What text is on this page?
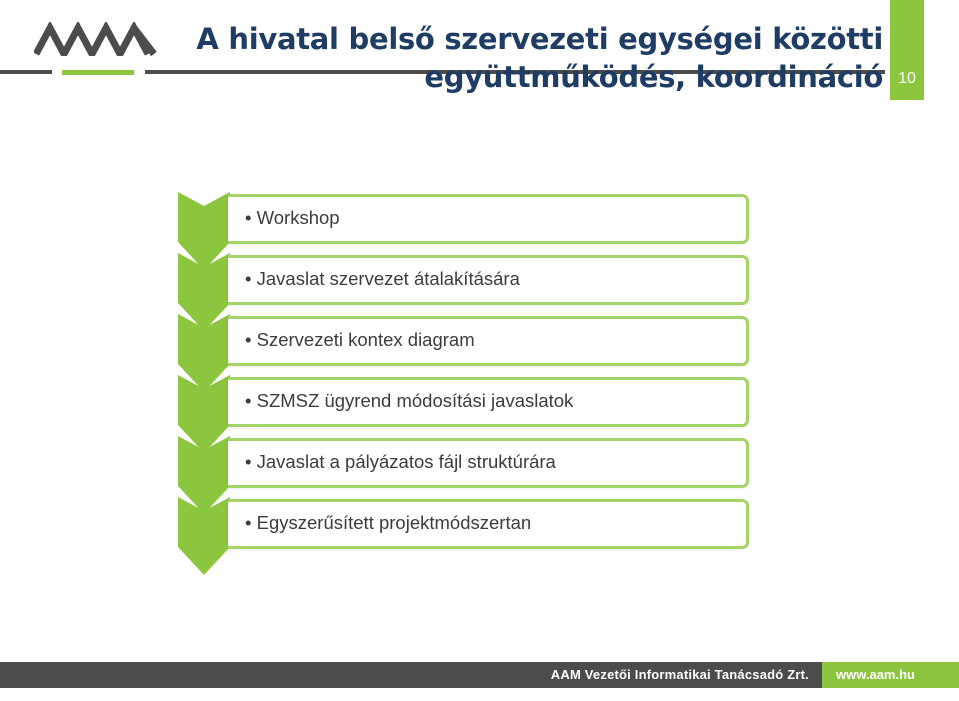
A hivatal belső szervezeti egységei közötti
együttműködés, koordináció 10
• Workshop
• Javaslat szervezet átalakítására
• Szervezeti kontex diagram
• SZMSZ ügyrend módosítási javaslatok
• Javaslat a pályázatos fájl struktúrára
• Egyszerűsített projektmódszertan
AAM Vezetői Informatikai Tanácsadó Zrt. www.aam.hu
